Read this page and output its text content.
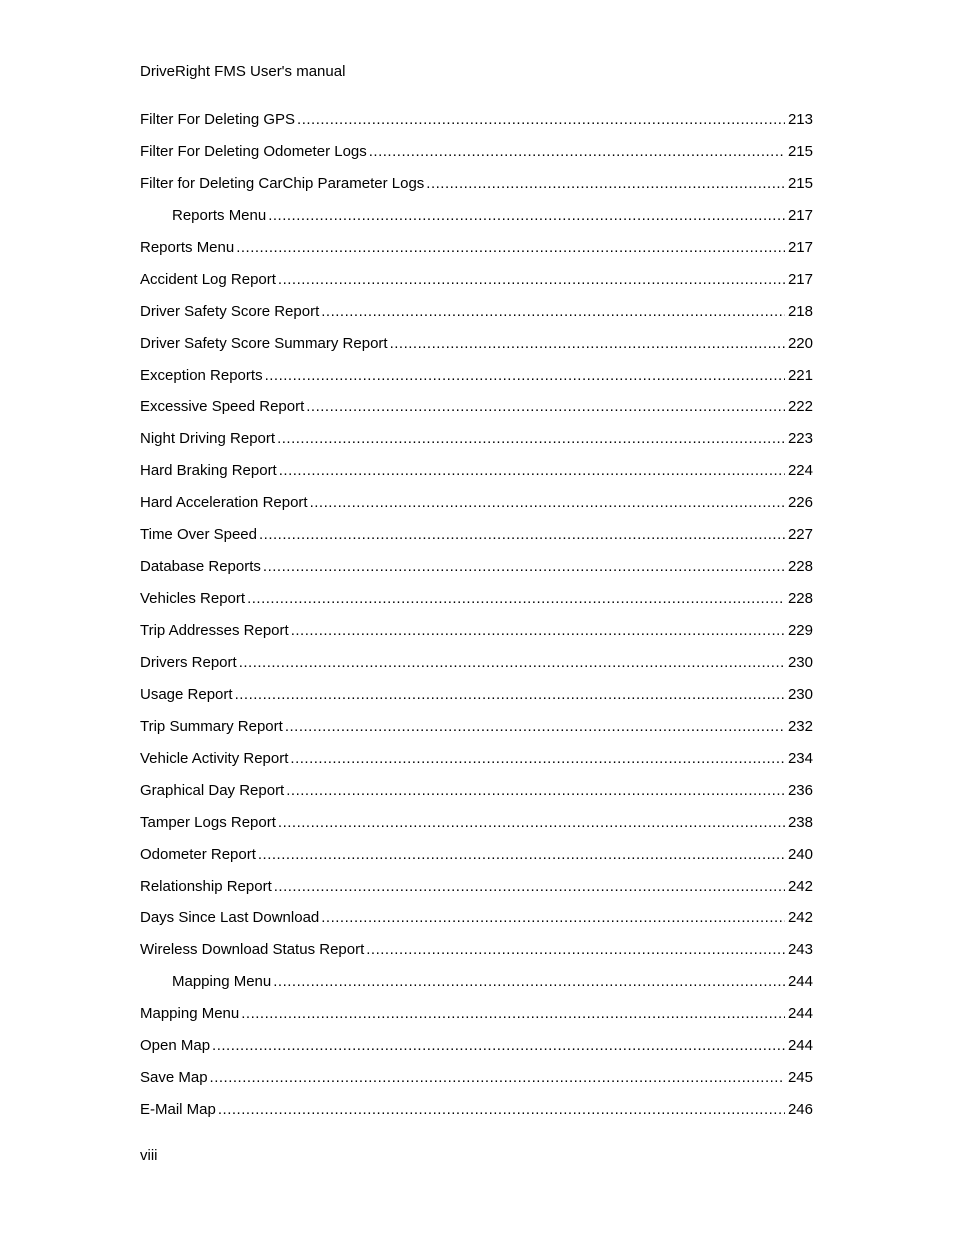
DriveRight FMS User's manual
Filter For Deleting GPS .....	213
Filter For Deleting Odometer Logs .....	215
Filter for Deleting CarChip Parameter Logs .....	215
Reports Menu .....	217
Reports Menu .....	217
Accident Log Report .....	217
Driver Safety Score Report .....	218
Driver Safety Score Summary Report .....	220
Exception Reports .....	221
Excessive Speed Report .....	222
Night Driving Report .....	223
Hard Braking Report .....	224
Hard Acceleration Report .....	226
Time Over Speed .....	227
Database Reports .....	228
Vehicles Report .....	228
Trip Addresses Report .....	229
Drivers Report .....	230
Usage Report .....	230
Trip Summary Report .....	232
Vehicle Activity Report .....	234
Graphical Day Report .....	236
Tamper Logs Report .....	238
Odometer Report .....	240
Relationship Report .....	242
Days Since Last Download .....	242
Wireless Download Status Report .....	243
Mapping Menu .....	244
Mapping Menu .....	244
Open Map .....	244
Save Map .....	245
E-Mail Map .....	246
viii
